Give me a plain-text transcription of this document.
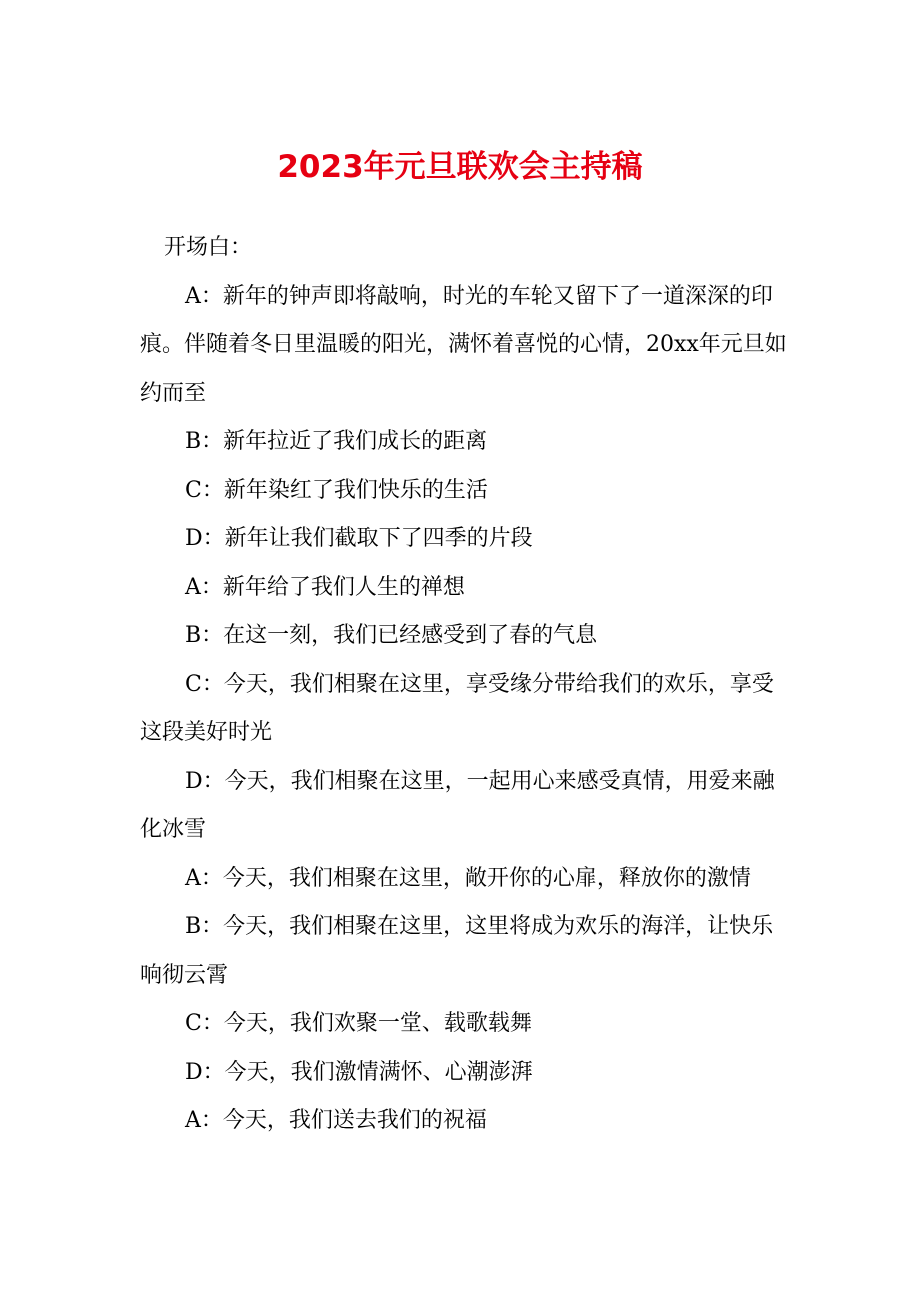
2023年元旦联欢会主持稿

开场白：

A：新年的钟声即将敲响，时光的车轮又留下了一道深深的印痕。伴随着冬日里温暖的阳光，满怀着喜悦的心情，20xx年元旦如约而至

B：新年拉近了我们成长的距离

C：新年染红了我们快乐的生活

D：新年让我们截取下了四季的片段

A：新年给了我们人生的禅想

B：在这一刻，我们已经感受到了春的气息

C：今天，我们相聚在这里，享受缘分带给我们的欢乐，享受这段美好时光

D：今天，我们相聚在这里，一起用心来感受真情，用爱来融化冰雪

A：今天，我们相聚在这里，敞开你的心扉，释放你的激情

B：今天，我们相聚在这里，这里将成为欢乐的海洋，让快乐响彻云霄

C：今天，我们欢聚一堂、载歌载舞

D：今天，我们激情满怀、心潮澎湃

A：今天，我们送去我们的祝福
